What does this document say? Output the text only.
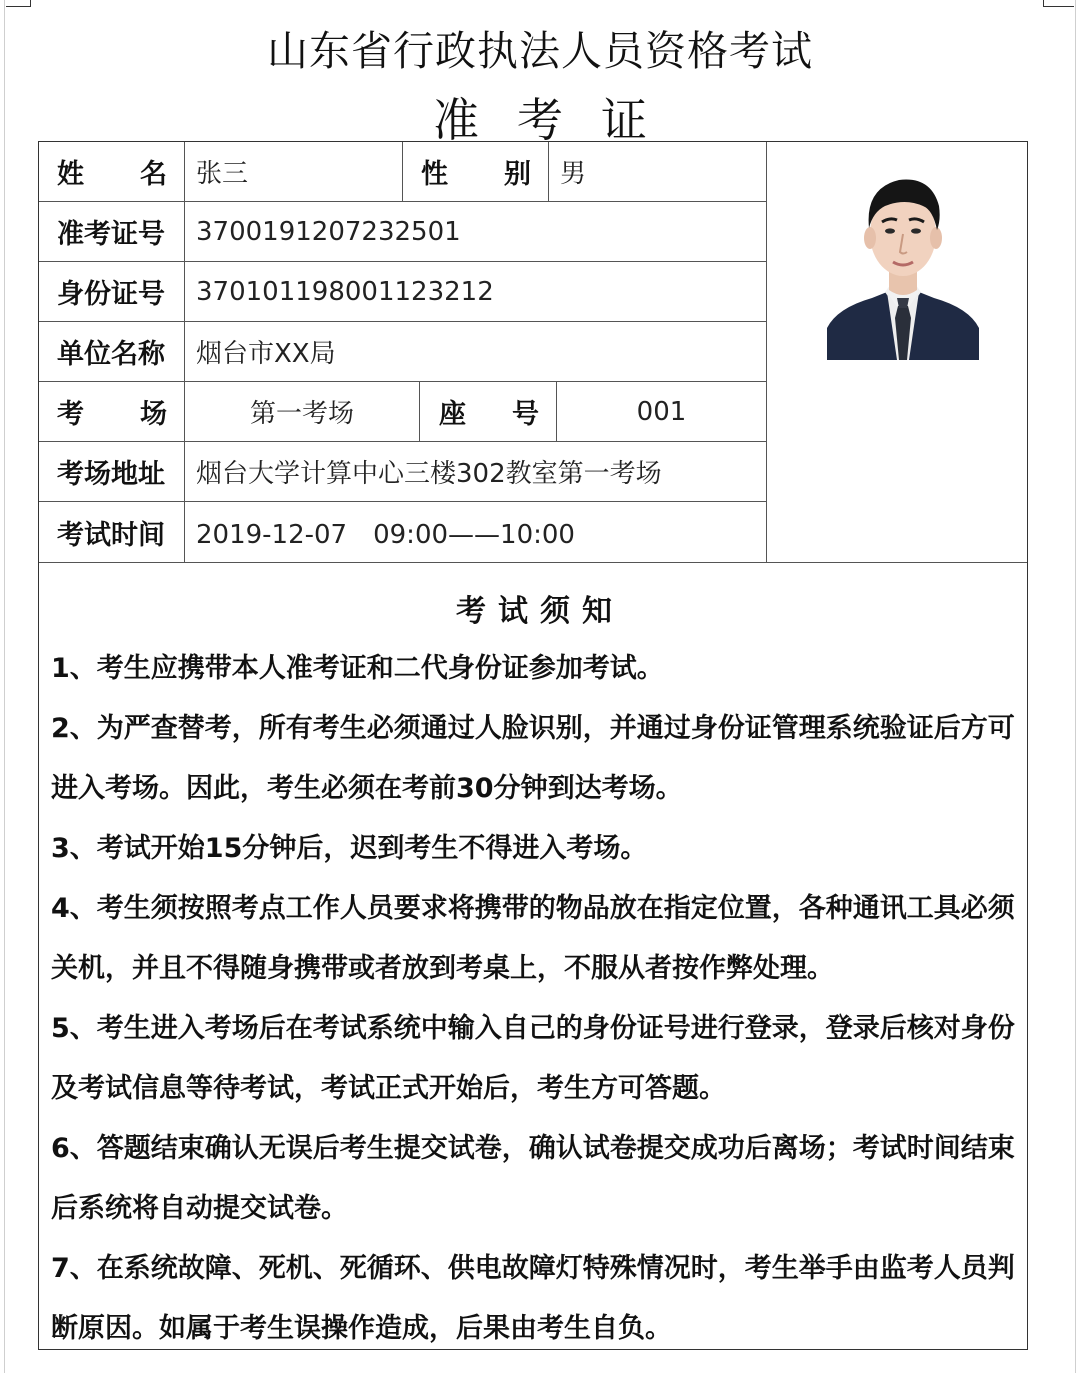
山东省行政执法人员资格考试
准考证
姓 名 张三	性 别 男
准考证号	3700191207232501
身份证号	370101198001123212
单位名称	烟台市XX局
考 场	第一考场	座 号	001
考场地址	烟台大学计算中心三楼302教室第一考场
考试时间	2019-12-07　09:00——10:00
考试须知
1、考生应携带本人准考证和二代身份证参加考试。
2、为严查替考，所有考生必须通过人脸识别，并通过身份证管理系统验证后方可进入考场。因此，考生必须在考前30分钟到达考场。
3、考试开始15分钟后，迟到考生不得进入考场。
4、考生须按照考点工作人员要求将携带的物品放在指定位置，各种通讯工具必须关机，并且不得随身携带或者放到考桌上，不服从者按作弊处理。
5、考生进入考场后在考试系统中输入自己的身份证号进行登录，登录后核对身份及考试信息等待考试，考试正式开始后，考生方可答题。
6、答题结束确认无误后考生提交试卷，确认试卷提交成功后离场；考试时间结束后系统将自动提交试卷。
7、在系统故障、死机、死循环、供电故障灯特殊情况时，考生举手由监考人员判断原因。如属于考生误操作造成，后果由考生自负。
